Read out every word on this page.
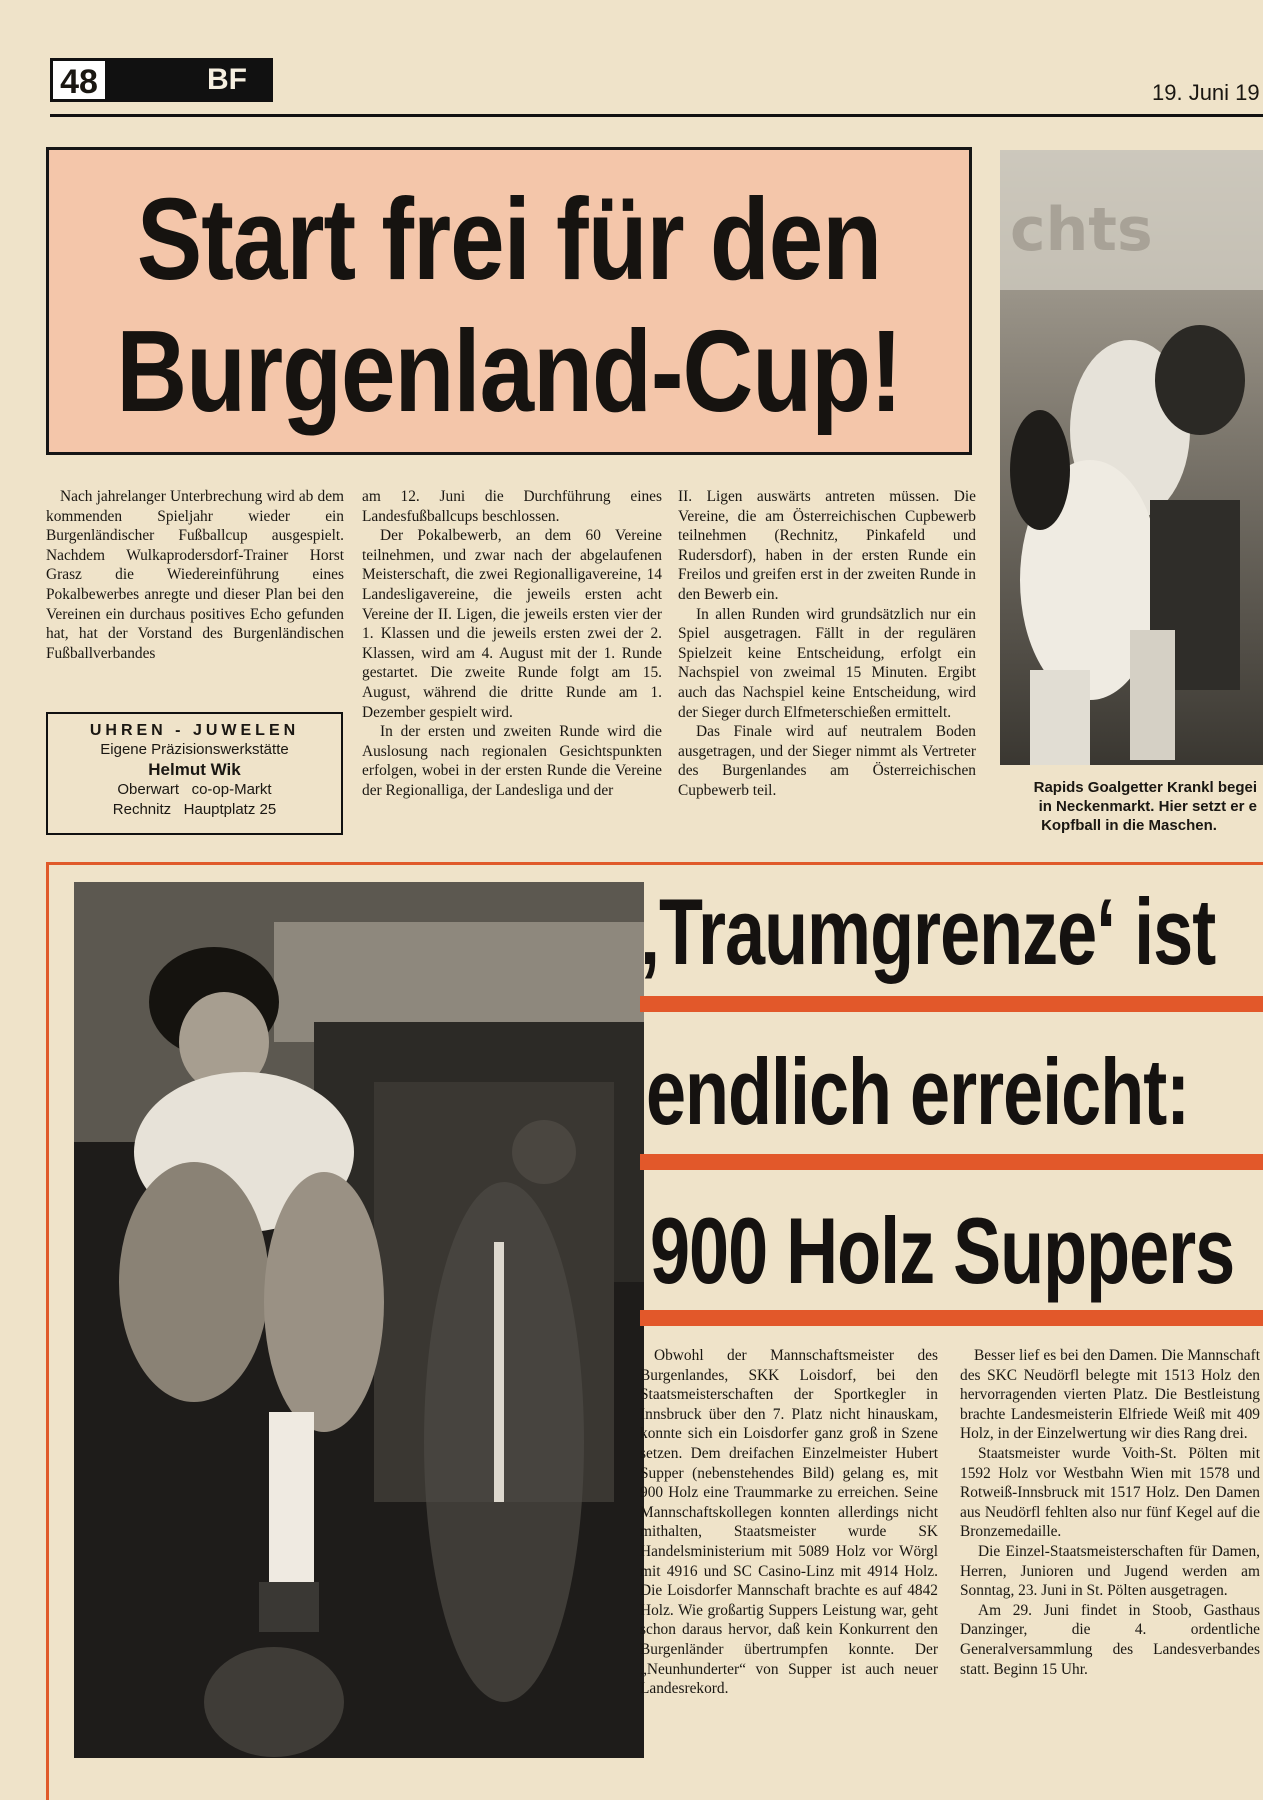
48	BF	19. Juni 19
Start frei für den
Burgenland-Cup!
chts
Rapids Goalgetter Krankl begei
in Neckenmarkt. Hier setzt er e
Kopfball in die Maschen.

Nach jahrelanger Unterbrechung wird ab dem kommenden Spieljahr wieder ein Burgenländischer Fußballcup ausgespielt. Nachdem Wulkaprodersdorf-Trainer Horst Grasz die Wiedereinführung eines Pokalbewerbes anregte und dieser Plan bei den Vereinen ein durchaus positives Echo gefunden hat, hat der Vorstand des Burgenländischen Fußballverbandes

am 12. Juni die Durchführung eines Landesfußballcups beschlossen.

Der Pokalbewerb, an dem 60 Vereine teilnehmen, und zwar nach der abgelaufenen Meisterschaft, die zwei Regionalligavereine, 14 Landesligavereine, die jeweils ersten acht Vereine der II. Ligen, die jeweils ersten vier der 1. Klassen und die jeweils ersten zwei der 2. Klassen, wird am 4. August mit der 1. Runde gestartet. Die zweite Runde folgt am 15. August, während die dritte Runde am 1. Dezember gespielt wird.

In der ersten und zweiten Runde wird die Auslosung nach regionalen Gesichtspunkten erfolgen, wobei in der ersten Runde die Vereine der Regionalliga, der Landesliga und der

II. Ligen auswärts antreten müssen. Die Vereine, die am Österreichischen Cupbewerb teilnehmen (Rechnitz, Pinkafeld und Rudersdorf), haben in der ersten Runde ein Freilos und greifen erst in der zweiten Runde in den Bewerb ein.

In allen Runden wird grundsätzlich nur ein Spiel ausgetragen. Fällt in der regulären Spielzeit keine Entscheidung, erfolgt ein Nachspiel von zweimal 15 Minuten. Ergibt auch das Nachspiel keine Entscheidung, wird der Sieger durch Elfmeterschießen ermittelt.

Das Finale wird auf neutralem Boden ausgetragen, und der Sieger nimmt als Vertreter des Burgenlandes am Österreichischen Cupbewerb teil.

UHREN - JUWELEN
Eigene Präzisionswerkstätte
Helmut Wik
Oberwart   co-op-Markt
Rechnitz   Hauptplatz 25
‚Traumgrenze‘ ist
endlich erreicht:
900 Holz Suppers

Obwohl der Mannschaftsmeister des Burgenlandes, SKK Loisdorf, bei den Staatsmeisterschaften der Sportkegler in Innsbruck über den 7. Platz nicht hinauskam, konnte sich ein Loisdorfer ganz groß in Szene setzen. Dem dreifachen Einzelmeister Hubert Supper (nebenstehendes Bild) gelang es, mit 900 Holz eine Traummarke zu erreichen. Seine Mannschaftskollegen konnten allerdings nicht mithalten, Staatsmeister wurde SK Handelsministerium mit 5089 Holz vor Wörgl mit 4916 und SC Casino-Linz mit 4914 Holz. Die Loisdorfer Mannschaft brachte es auf 4842 Holz. Wie großartig Suppers Leistung war, geht schon daraus hervor, daß kein Konkurrent den Burgenländer übertrumpfen konnte. Der „Neunhunderter“ von Supper ist auch neuer Landesrekord.

Besser lief es bei den Damen. Die Mannschaft des SKC Neudörfl belegte mit 1513 Holz den hervorragenden vierten Platz. Die Bestleistung brachte Landesmeisterin Elfriede Weiß mit 409 Holz, in der Einzelwertung wir dies Rang drei.

Staatsmeister wurde Voith-St. Pölten mit 1592 Holz vor Westbahn Wien mit 1578 und Rotweiß-Innsbruck mit 1517 Holz. Den Damen aus Neudörfl fehlten also nur fünf Kegel auf die Bronzemedaille.

Die Einzel-Staatsmeisterschaften für Damen, Herren, Junioren und Jugend werden am Sonntag, 23. Juni in St. Pölten ausgetragen.

Am 29. Juni findet in Stoob, Gasthaus Danzinger, die 4. ordentliche Generalversammlung des Landesverbandes statt. Beginn 15 Uhr.
